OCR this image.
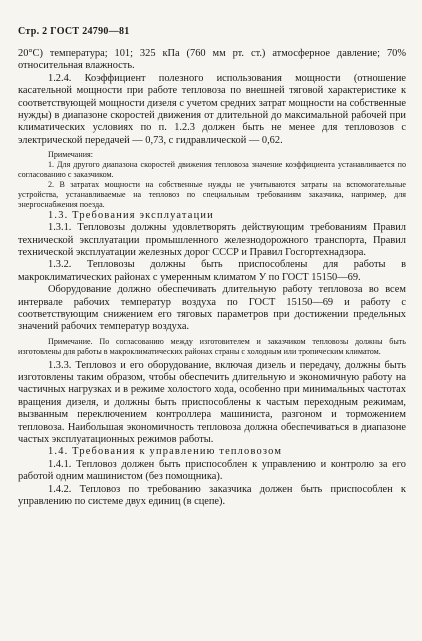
Стр. 2 ГОСТ 24790—81

20°С) температура; 101; 325 кПа (760 мм рт. ст.) атмосферное давление; 70% относительная влажность.

1.2.4. Коэффициент полезного использования мощности (отношение касательной мощности при работе тепловоза по внешней тяговой характеристике к соответствующей мощности дизеля с учетом средних затрат мощности на собственные нужды) в диапазоне скоростей движения от длительной до максимальной рабочей при климатических условиях по п. 1.2.3 должен быть не менее для тепловозов с электрической передачей — 0,73, с гидравлической — 0,62.

Примечания:

1. Для другого диапазона скоростей движения тепловоза значение коэффициента устанавливается по согласованию с заказчиком.

2. В затратах мощности на собственные нужды не учитываются затраты на вспомогательные устройства, устанавливаемые на тепловоз по специальным требованиям заказчика, например, для энергоснабжения поезда.

1.3. Требования эксплуатации

1.3.1. Тепловозы должны удовлетворять действующим требованиям Правил технической эксплуатации промышленного железнодорожного транспорта, Правил технической эксплуатации железных дорог СССР и Правил Госгортехнадзора.

1.3.2. Тепловозы должны быть приспособлены для работы в макроклиматических районах с умеренным климатом У по ГОСТ 15150—69.

Оборудование должно обеспечивать длительную работу тепловоза во всем интервале рабочих температур воздуха по ГОСТ 15150—69 и работу с соответствующим снижением его тяговых параметров при достижении предельных значений рабочих температур воздуха.

Примечание. По согласованию между изготовителем и заказчиком тепловозы должны быть изготовлены для работы в макроклиматических районах страны с холодным или тропическим климатом.

1.3.3. Тепловоз и его оборудование, включая дизель и передачу, должны быть изготовлены таким образом, чтобы обеспечить длительную и экономичную работу на частичных нагрузках и в режиме холостого хода, особенно при минимальных частотах вращения дизеля, и должны быть приспособлены к частым переходным режимам, вызванным переключением контроллера машиниста, разгоном и торможением тепловоза. Наибольшая экономичность тепловоза должна обеспечиваться в диапазоне частых эксплуатационных режимов работы.

1.4. Требования к управлению тепловозом

1.4.1. Тепловоз должен быть приспособлен к управлению и контролю за его работой одним машинистом (без помощника).

1.4.2. Тепловоз по требованию заказчика должен быть приспособлен к управлению по системе двух единиц (в сцепе).
